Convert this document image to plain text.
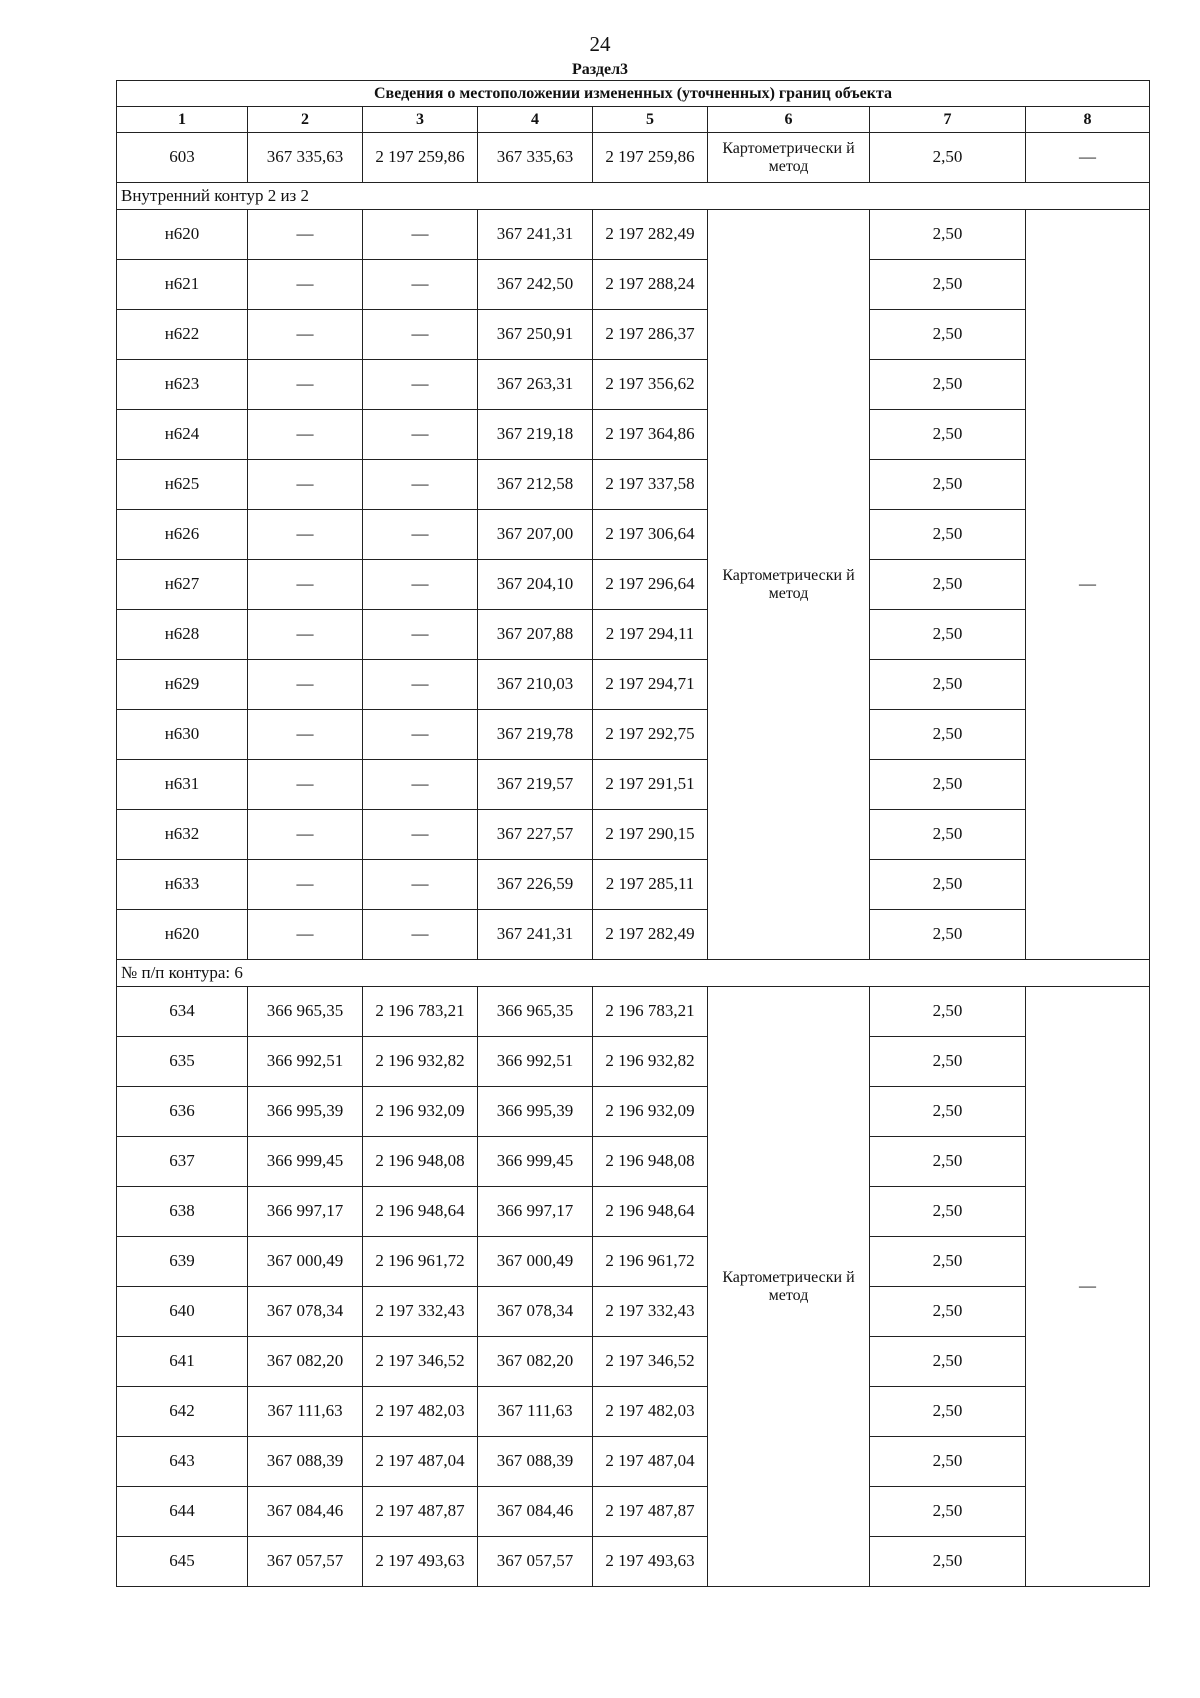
24
Раздел3
Сведения о местоположении измененных (уточненных) границ объекта							
1	2	3	4	5	6	7	8
603	367 335,63	2 197 259,86	367 335,63	2 197 259,86	Картометрически й метод	2,50	—
Внутренний контур 2 из 2							
н620	—	—	367 241,31	2 197 282,49	Картометрически й метод	2,50	—
н621	—	—	367 242,50	2 197 288,24		2,50	
н622	—	—	367 250,91	2 197 286,37		2,50	
н623	—	—	367 263,31	2 197 356,62		2,50	
н624	—	—	367 219,18	2 197 364,86		2,50	
н625	—	—	367 212,58	2 197 337,58		2,50	
н626	—	—	367 207,00	2 197 306,64		2,50	
н627	—	—	367 204,10	2 197 296,64		2,50	
н628	—	—	367 207,88	2 197 294,11		2,50	
н629	—	—	367 210,03	2 197 294,71		2,50	
н630	—	—	367 219,78	2 197 292,75		2,50	
н631	—	—	367 219,57	2 197 291,51		2,50	
н632	—	—	367 227,57	2 197 290,15		2,50	
н633	—	—	367 226,59	2 197 285,11		2,50	
н620	—	—	367 241,31	2 197 282,49		2,50	
№ п/п контура: 6							
634	366 965,35	2 196 783,21	366 965,35	2 196 783,21	Картометрически й метод	2,50	—
635	366 992,51	2 196 932,82	366 992,51	2 196 932,82		2,50	
636	366 995,39	2 196 932,09	366 995,39	2 196 932,09		2,50	
637	366 999,45	2 196 948,08	366 999,45	2 196 948,08		2,50	
638	366 997,17	2 196 948,64	366 997,17	2 196 948,64		2,50	
639	367 000,49	2 196 961,72	367 000,49	2 196 961,72		2,50	
640	367 078,34	2 197 332,43	367 078,34	2 197 332,43		2,50	
641	367 082,20	2 197 346,52	367 082,20	2 197 346,52		2,50	
642	367 111,63	2 197 482,03	367 111,63	2 197 482,03		2,50	
643	367 088,39	2 197 487,04	367 088,39	2 197 487,04		2,50	
644	367 084,46	2 197 487,87	367 084,46	2 197 487,87		2,50	
645	367 057,57	2 197 493,63	367 057,57	2 197 493,63		2,50	
